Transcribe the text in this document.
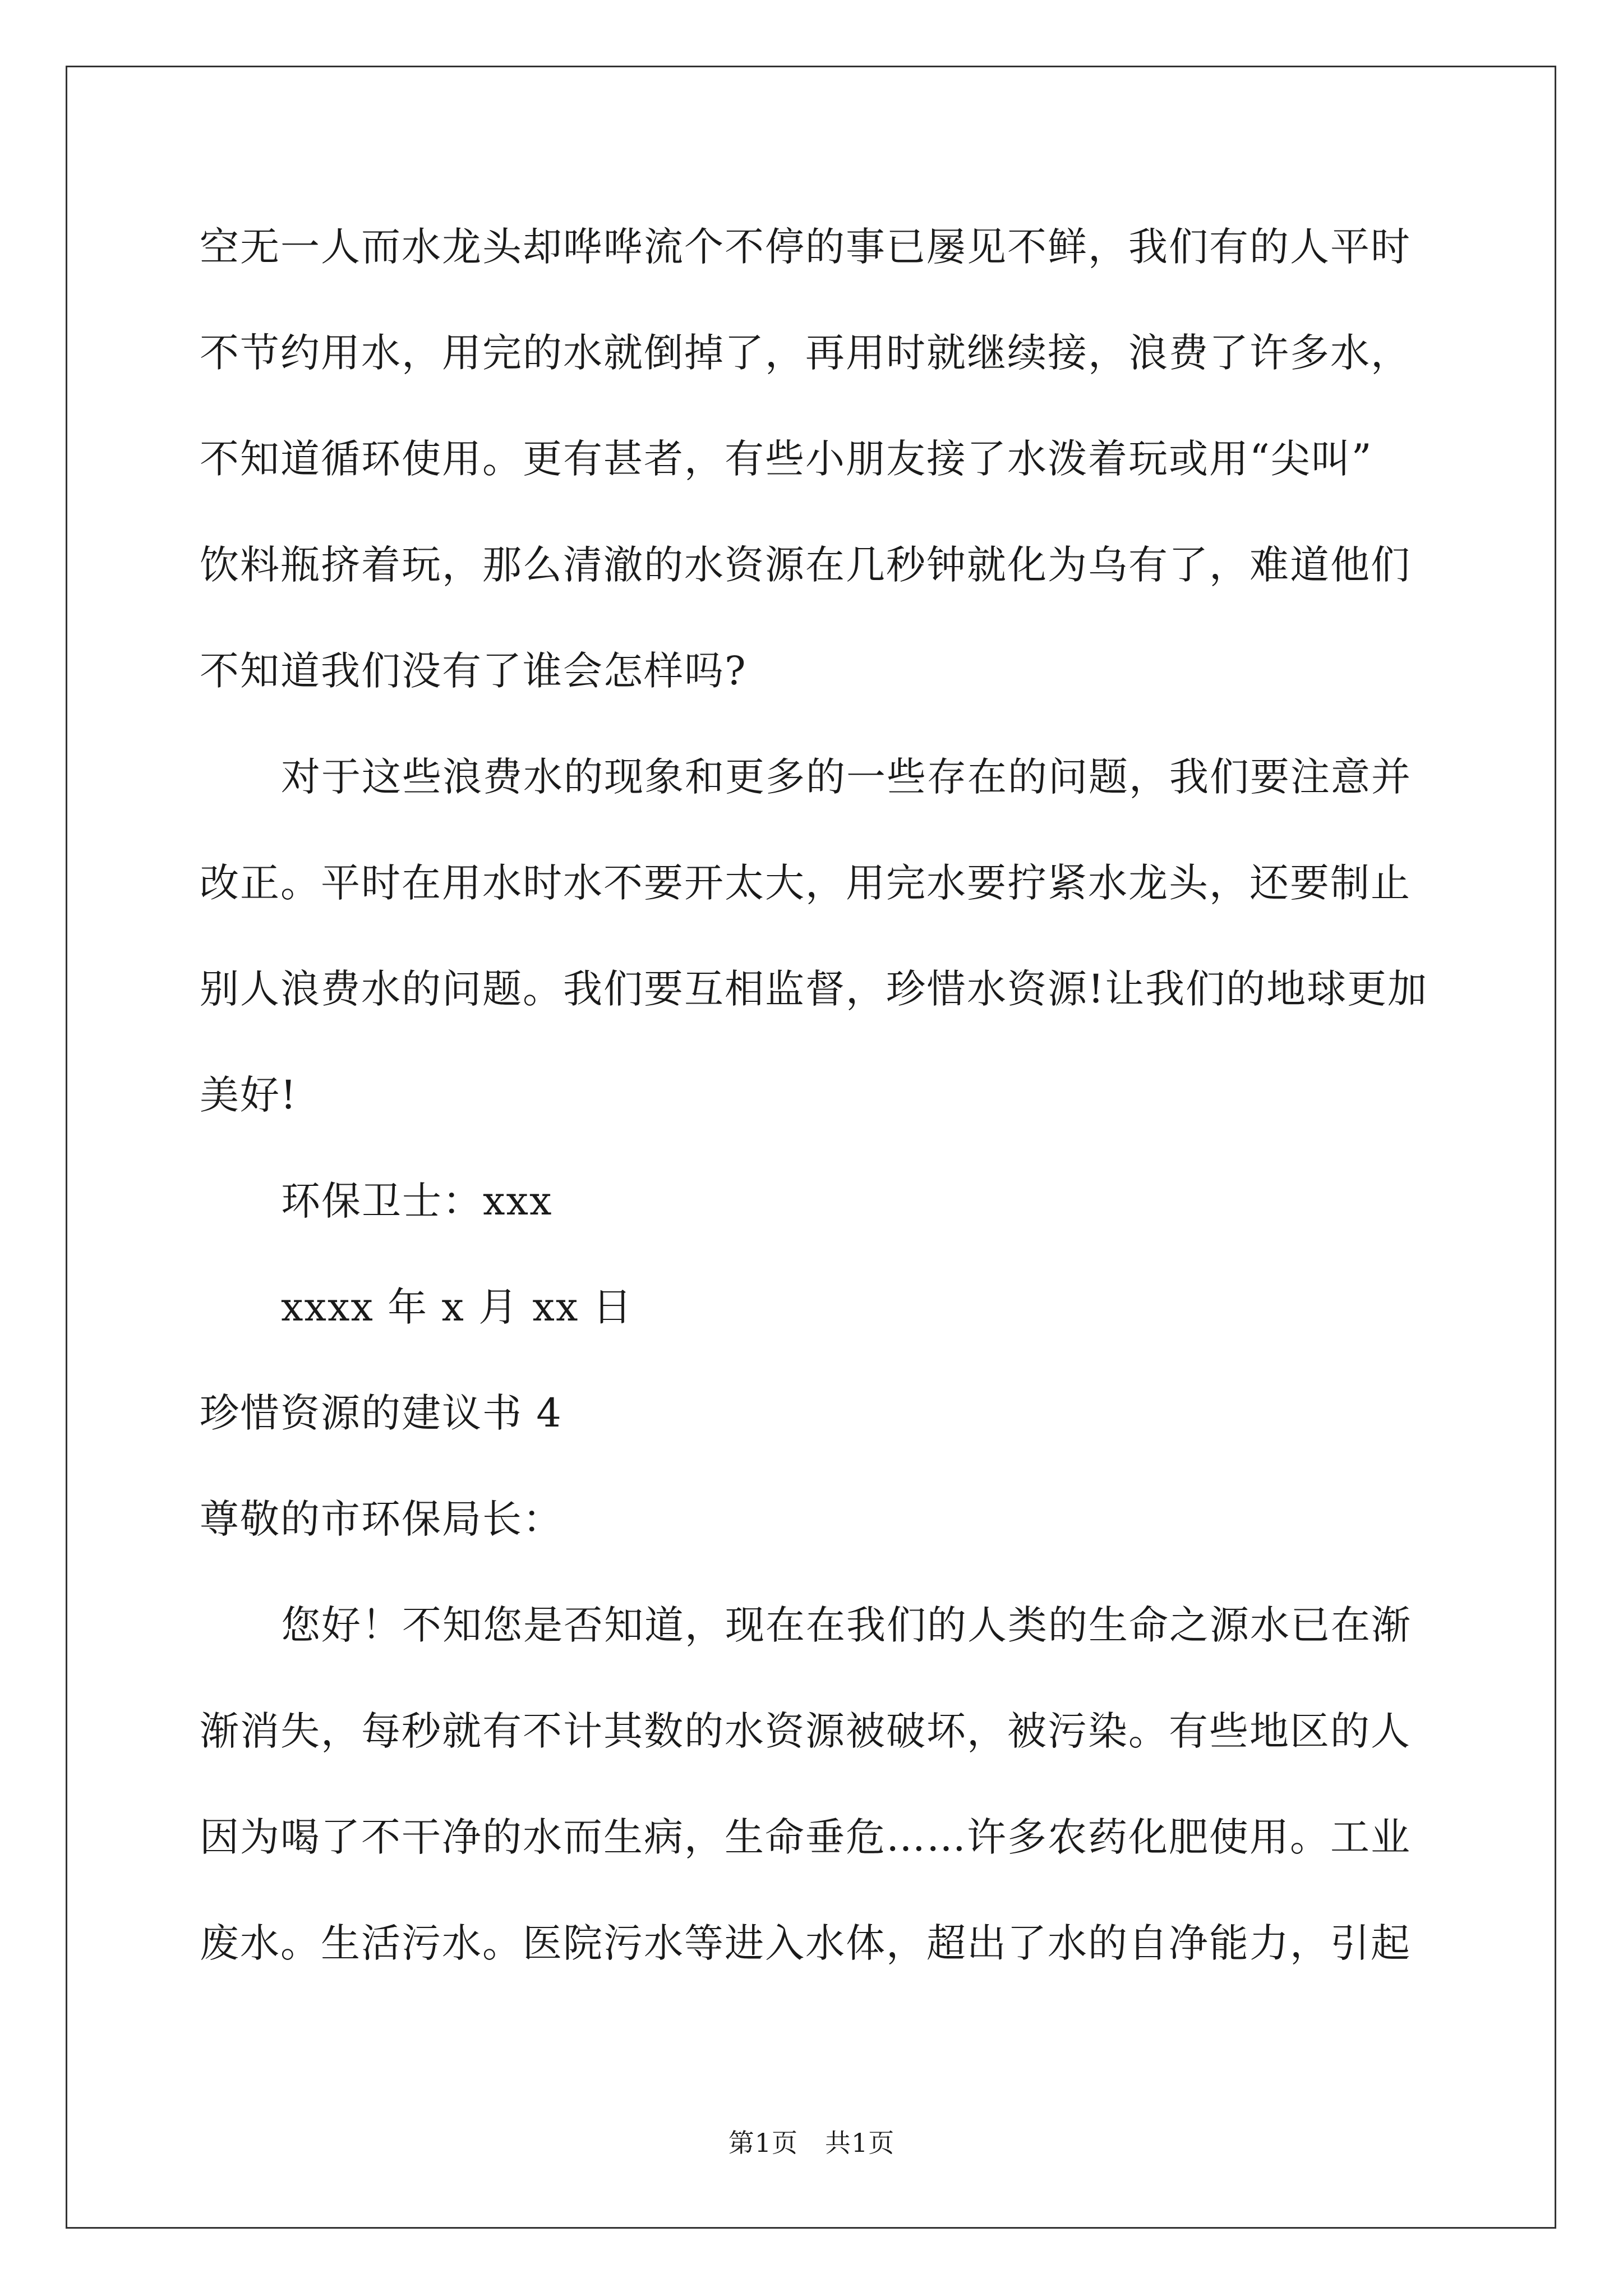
空无一人而水龙头却哗哗流个不停的事已屡见不鲜，我们有的人平时
不节约用水，用完的水就倒掉了，再用时就继续接，浪费了许多水，
不知道循环使用。更有甚者，有些小朋友接了水泼着玩或用“尖叫”
饮料瓶挤着玩，那么清澈的水资源在几秒钟就化为乌有了，难道他们
不知道我们没有了谁会怎样吗?
对于这些浪费水的现象和更多的一些存在的问题，我们要注意并
改正。平时在用水时水不要开太大，用完水要拧紧水龙头，还要制止
别人浪费水的问题。我们要互相监督，珍惜水资源!让我们的地球更加
美好!
环保卫士：xxx
xxxx 年 x 月 xx 日
珍惜资源的建议书 4
尊敬的市环保局长：
您好！不知您是否知道，现在在我们的人类的生命之源水已在渐
渐消失，每秒就有不计其数的水资源被破坏，被污染。有些地区的人
因为喝了不干净的水而生病，生命垂危……许多农药化肥使用。工业
废水。生活污水。医院污水等进入水体，超出了水的自净能力，引起
第1页 共1页
